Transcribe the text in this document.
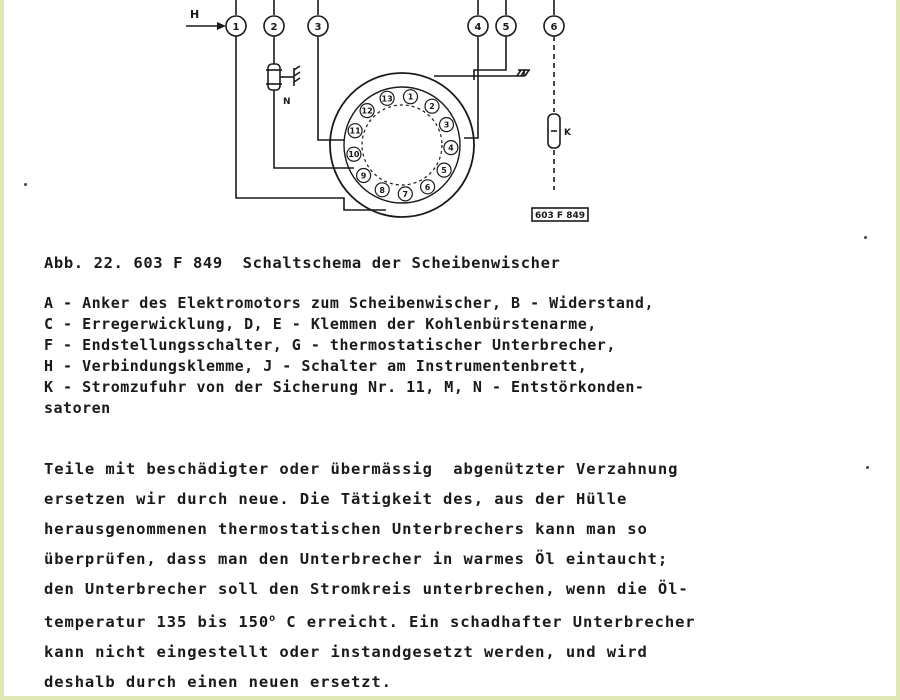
H
1	2	3	4 5	6
N
K
1
2
3
4
5
6
7
8
9
10
11
12
13
603 F 849
Abb. 22. 603 F 849  Schaltschema der Scheibenwischer
A - Anker des Elektromotors zum Scheibenwischer, B - Widerstand,
C - Erregerwicklung, D, E - Klemmen der Kohlenbürstenarme,
F - Endstellungsschalter, G - thermostatischer Unterbrecher,
H - Verbindungsklemme, J - Schalter am Instrumentenbrett,
K - Stromzufuhr von der Sicherung Nr. 11, M, N - Entstörkonden-
satoren
Teile mit beschädigter oder übermässig  abgenützter Verzahnung
ersetzen wir durch neue. Die Tätigkeit des, aus der Hülle
herausgenommenen thermostatischen Unterbrechers kann man so
überprüfen, dass man den Unterbrecher in warmes Öl eintaucht;
den Unterbrecher soll den Stromkreis unterbrechen, wenn die Öl-
temperatur 135 bis 150$^o$ C erreicht. Ein schadhafter Unterbrecher
kann nicht eingestellt oder instandgesetzt werden, und wird
deshalb durch einen neuen ersetzt.
